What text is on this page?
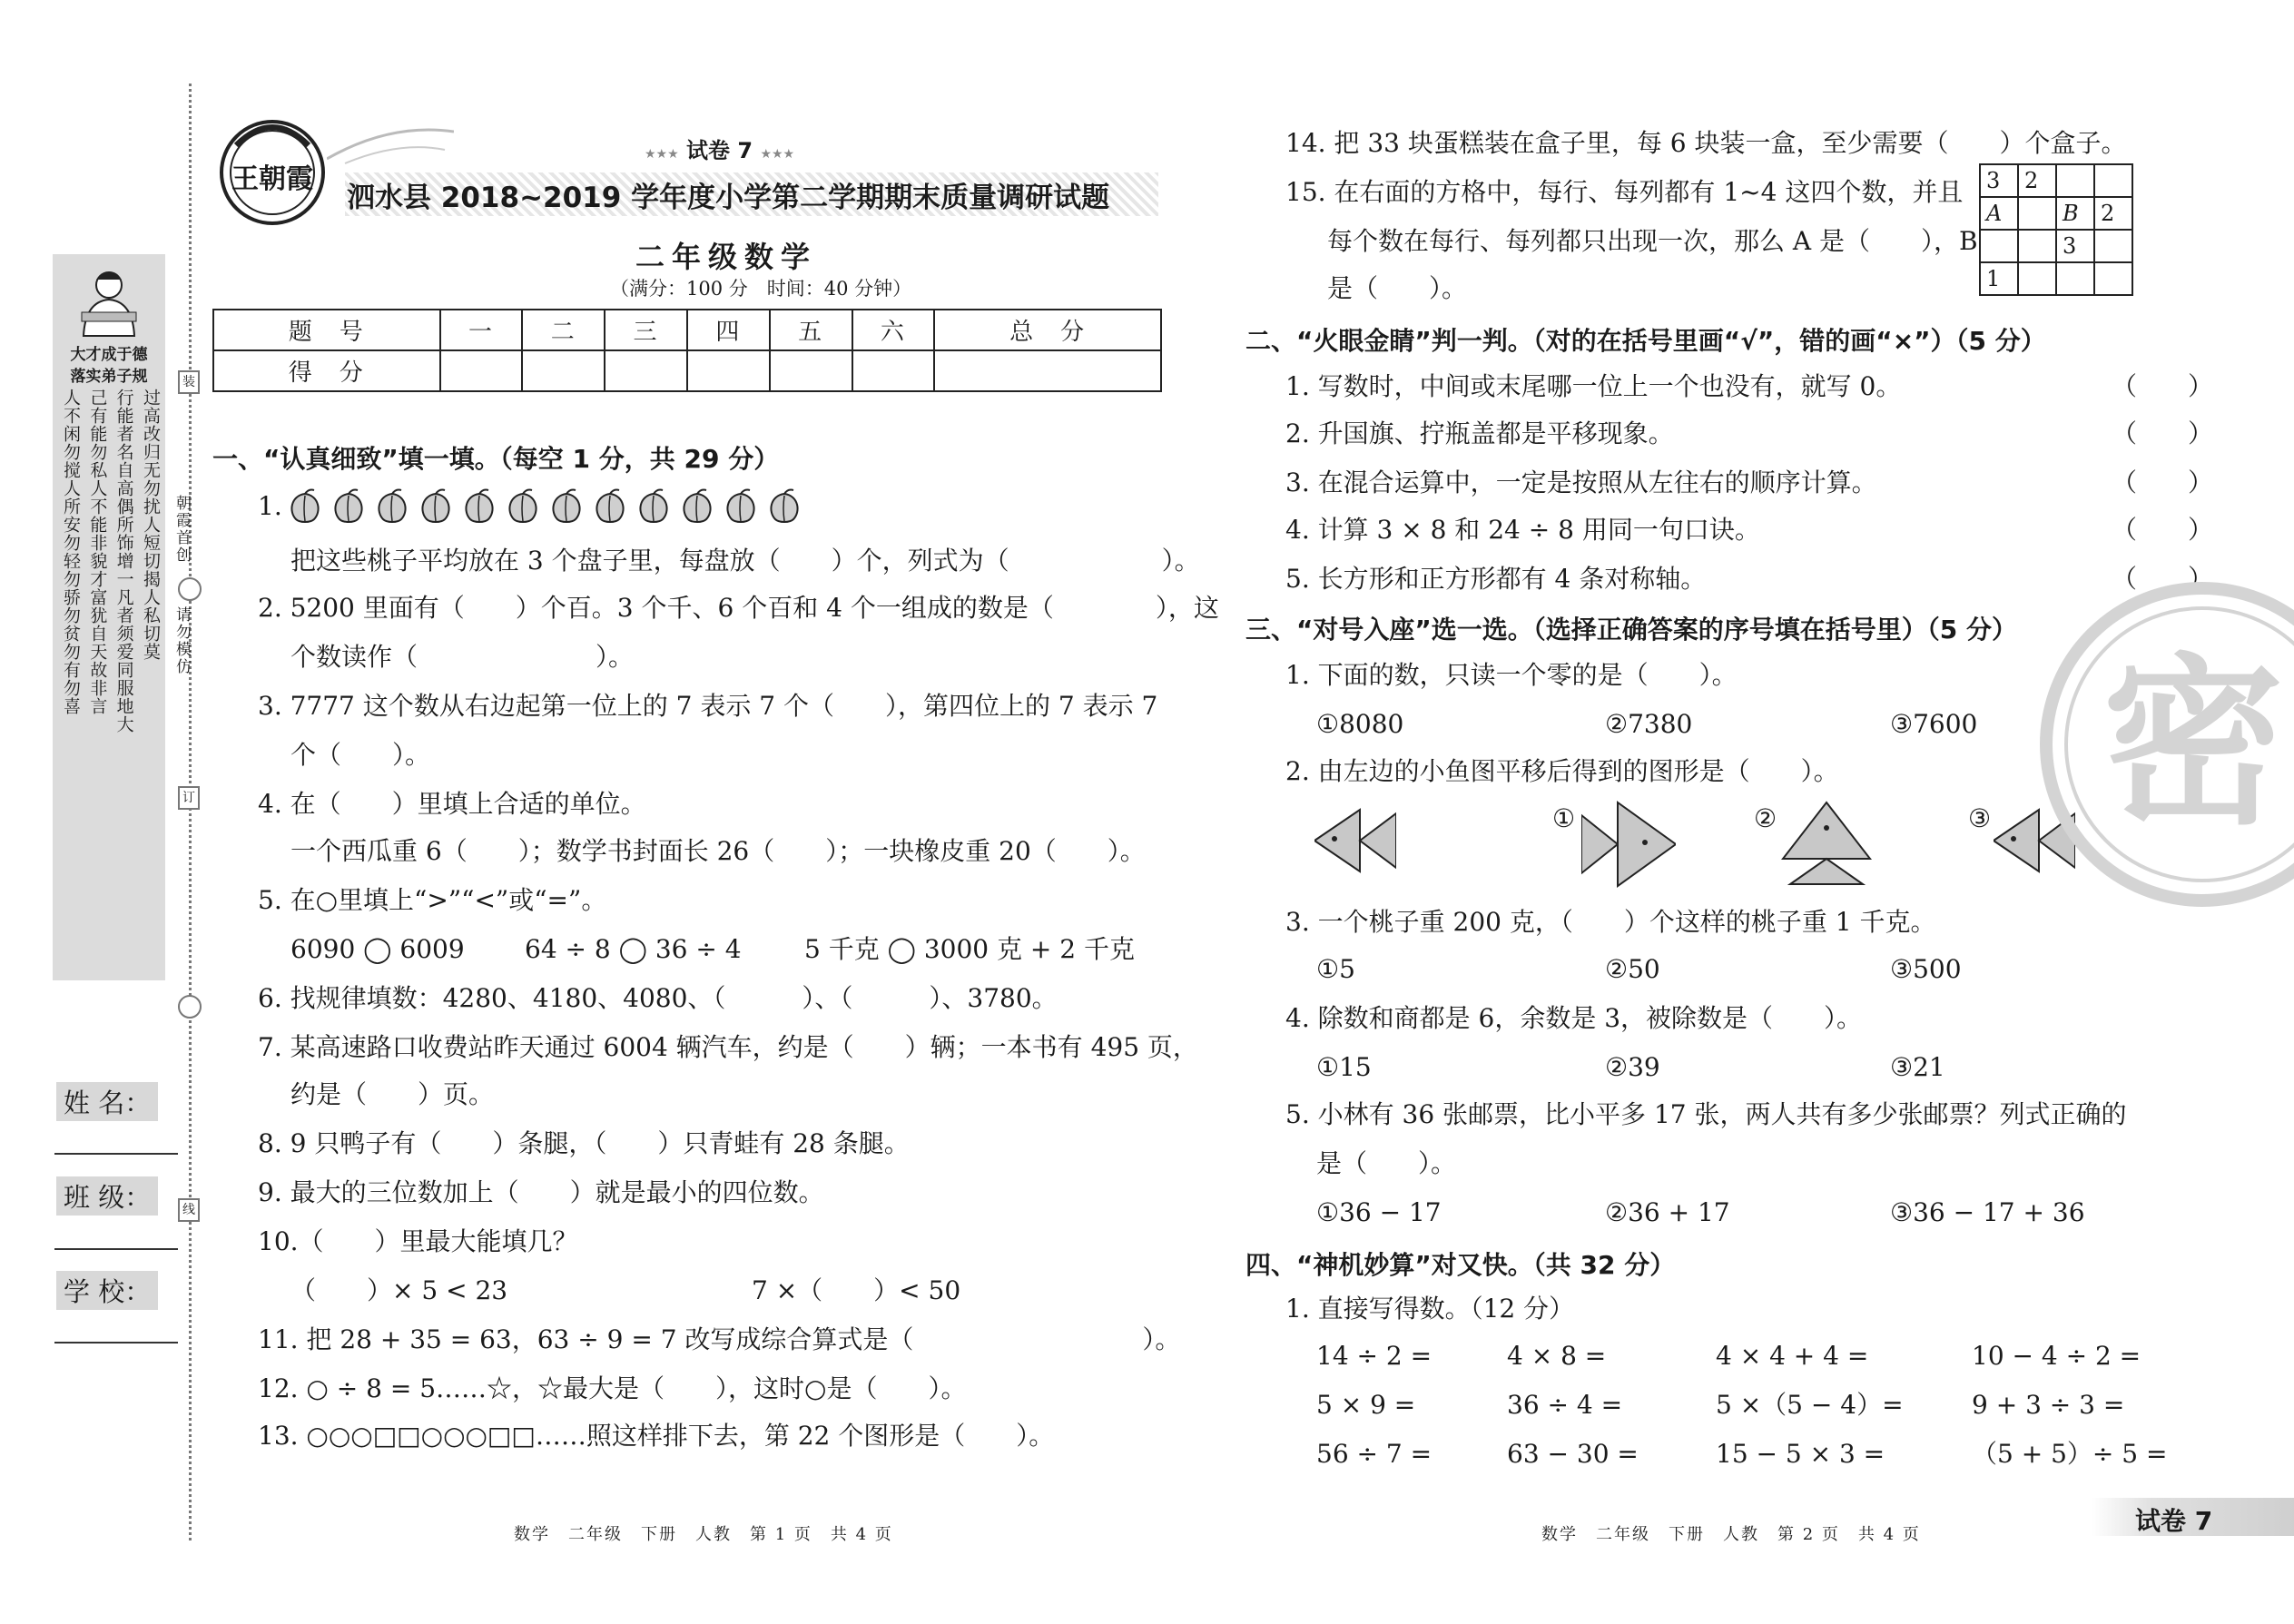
大才成于德
落实弟子规
人不闲勿搅人所安勿轻勿骄勿贫勿有勿喜 己有能勿私人不能非貌才富犹自天故非言 行能者名自高偶所饰增一凡者须爱同服地大 过高改归无勿扰人短切揭人私切莫 朝霞首创
请勿模仿
装
订
线
姓 名：
班 级：
学 校：
王朝霞
★★★ 试卷 7 ★★★
泗水县 2018~2019 学年度小学第二学期期末质量调研试题
二年级数学
（满分：100 分　时间：40 分钟）
题　号	一	二	三	四	五	六	总　分
得　分							
一、“认真细致”填一填。（每空 1 分，共 29 分）
1.
把这些桃子平均放在 3 个盘子里，每盘放（　　）个，列式为（　　　　　　）。
2. 5200 里面有（　　）个百。3 个千、6 个百和 4 个一组成的数是（　　　　），这
个数读作（　　　　　　　）。
3. 7777 这个数从右边起第一位上的 7 表示 7 个（　　），第四位上的 7 表示 7
个（　　）。
4. 在（　　）里填上合适的单位。
一个西瓜重 6（　　）；数学书封面长 26（　　）；一块橡皮重 20（　　）。
5. 在○里填上“>”“<”或“=”。
6090 ◯ 6009 64 ÷ 8 ◯ 36 ÷ 4 5 千克 ◯ 3000 克 + 2 千克
6. 找规律填数：4280、4180、4080、（　　　）、（　　　）、3780。
7. 某高速路口收费站昨天通过 6004 辆汽车，约是（　　）辆；一本书有 495 页，
约是（　　）页。
8. 9 只鸭子有（　　）条腿，（　　）只青蛙有 28 条腿。
9. 最大的三位数加上（　　）就是最小的四位数。
10.（　　）里最大能填几？
（　　）× 5 < 23	7 ×（　　）< 50
11. 把 28 + 35 = 63，63 ÷ 9 = 7 改写成综合算式是（　　　　　　　　　）。
12. ○ ÷ 8 = 5……☆，☆最大是（　　），这时○是（　　）。
13. ○○○□□○○○□□……照这样排下去，第 22 个图形是（　　）。
14. 把 33 块蛋糕装在盒子里，每 6 块装一盒，至少需要（　　）个盒子。
15. 在右面的方格中，每行、每列都有 1~4 这四个数，并且
每个数在每行、每列都只出现一次，那么 A 是（　　），B
是（　　）。
3	2		
A		B	2
		3	
1			
二、“火眼金睛”判一判。（对的在括号里画“√”，错的画“×”）（5 分）
1. 写数时，中间或末尾哪一位上一个也没有，就写 0。	（　　）
2. 升国旗、拧瓶盖都是平移现象。	（　　）
3. 在混合运算中，一定是按照从左往右的顺序计算。	（　　）
4. 计算 3 × 8 和 24 ÷ 8 用同一句口诀。	（　　）
5. 长方形和正方形都有 4 条对称轴。	（　　）
三、“对号入座”选一选。（选择正确答案的序号填在括号里）（5 分）
1. 下面的数，只读一个零的是（　　）。
①8080	②7380	③7600
2. 由左边的小鱼图平移后得到的图形是（　　）。
①	②	③
3. 一个桃子重 200 克，（　　）个这样的桃子重 1 千克。
①5	②50	③500
4. 除数和商都是 6，余数是 3，被除数是（　　）。
①15	②39	③21
5. 小林有 36 张邮票，比小平多 17 张，两人共有多少张邮票？列式正确的
是（　　）。
①36 − 17	②36 + 17	③36 − 17 + 36
四、“神机妙算”对又快。（共 32 分）
1. 直接写得数。（12 分）
14 ÷ 2 =	4 × 8 =	4 × 4 + 4 =	10 − 4 ÷ 2 =
5 × 9 =	36 ÷ 4 =	5 ×（5 − 4）=	9 + 3 ÷ 3 =
56 ÷ 7 =	63 − 30 =	15 − 5 × 3 =	（5 + 5）÷ 5 =
密
数学　二年级　下册　人教　第 1 页　共 4 页	数学　二年级　下册　人教　第 2 页　共 4 页	试卷 7
